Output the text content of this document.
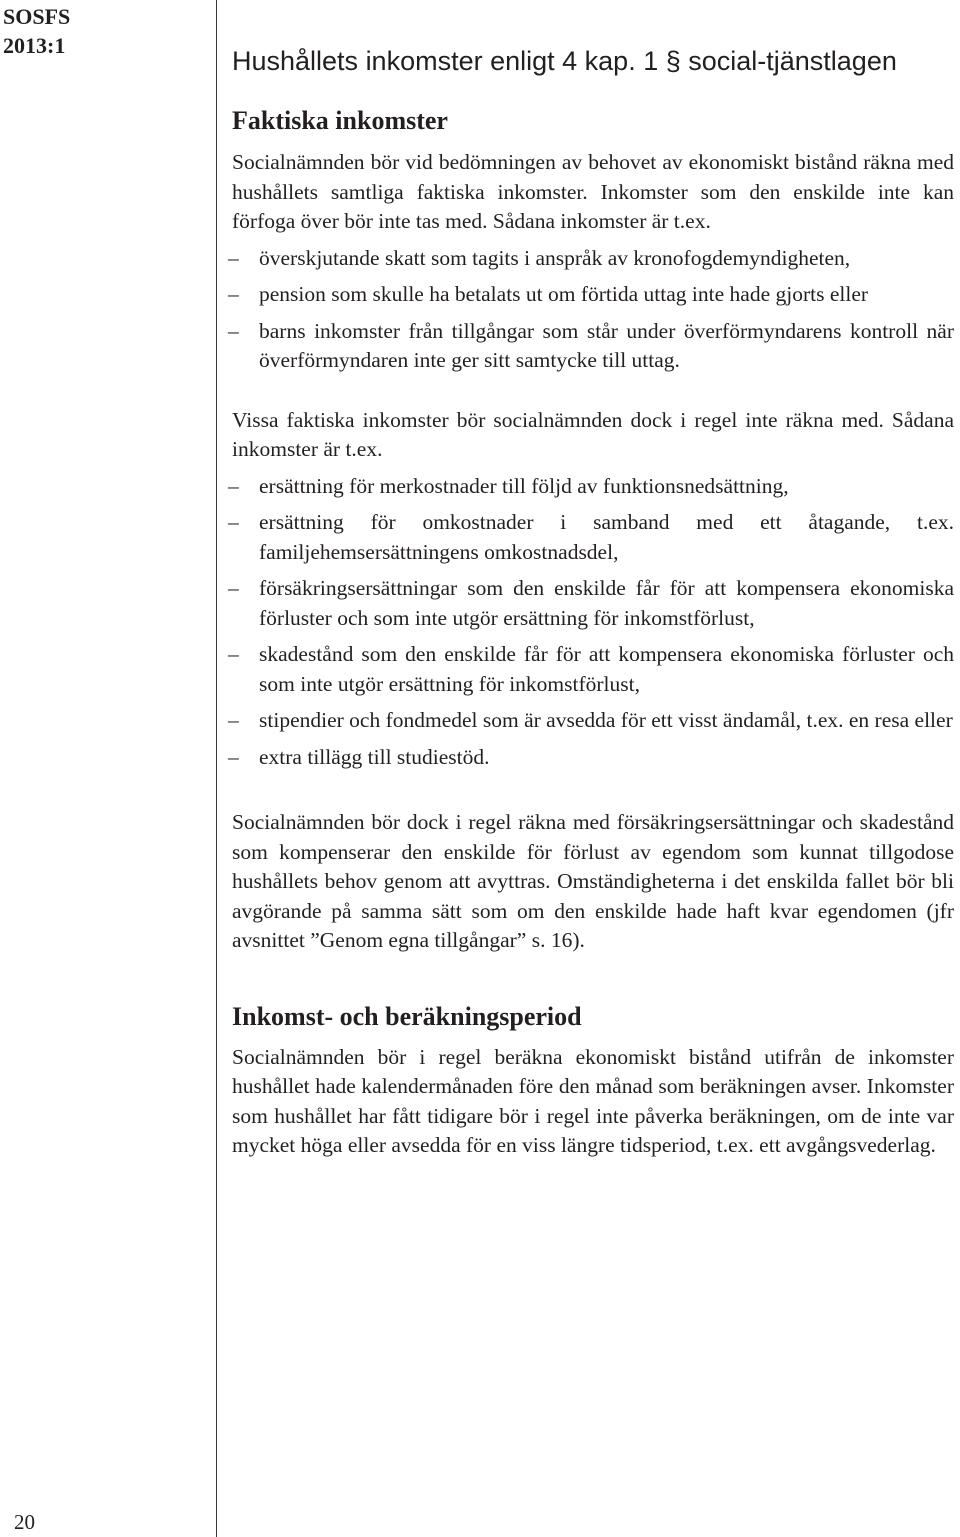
SOSFS
2013:1
20
Hushållets inkomster enligt 4 kap. 1 § social-tjänstlagen
Faktiska inkomster

Socialnämnden bör vid bedömningen av behovet av ekonomiskt bistånd räkna med hushållets samtliga faktiska inkomster. Inkomster som den enskilde inte kan förfoga över bör inte tas med. Sådana inkomster är t.ex.

– överskjutande skatt som tagits i anspråk av kronofogdemyndigheten,
– pension som skulle ha betalats ut om förtida uttag inte hade gjorts eller
– barns inkomster från tillgångar som står under överförmyndarens kontroll när överförmyndaren inte ger sitt samtycke till uttag.

Vissa faktiska inkomster bör socialnämnden dock i regel inte räkna med. Sådana inkomster är t.ex.

– ersättning för merkostnader till följd av funktionsnedsättning,
– ersättning för omkostnader i samband med ett åtagande, t.ex. familjehemsersättningens omkostnadsdel,
– försäkringsersättningar som den enskilde får för att kompensera ekonomiska förluster och som inte utgör ersättning för inkomstförlust,
– skadestånd som den enskilde får för att kompensera ekonomiska förluster och som inte utgör ersättning för inkomstförlust,
– stipendier och fondmedel som är avsedda för ett visst ändamål, t.ex. en resa eller
– extra tillägg till studiestöd.

Socialnämnden bör dock i regel räkna med försäkringsersättningar och skadestånd som kompenserar den enskilde för förlust av egendom som kunnat tillgodose hushållets behov genom att avyttras. Omständigheterna i det enskilda fallet bör bli avgörande på samma sätt som om den enskilde hade haft kvar egendomen (jfr avsnittet ”Genom egna tillgångar” s. 16).

Inkomst- och beräkningsperiod

Socialnämnden bör i regel beräkna ekonomiskt bistånd utifrån de inkomster hushållet hade kalendermånaden före den månad som beräkningen avser. Inkomster som hushållet har fått tidigare bör i regel inte påverka beräkningen, om de inte var mycket höga eller avsedda för en viss längre tidsperiod, t.ex. ett avgångsvederlag.
